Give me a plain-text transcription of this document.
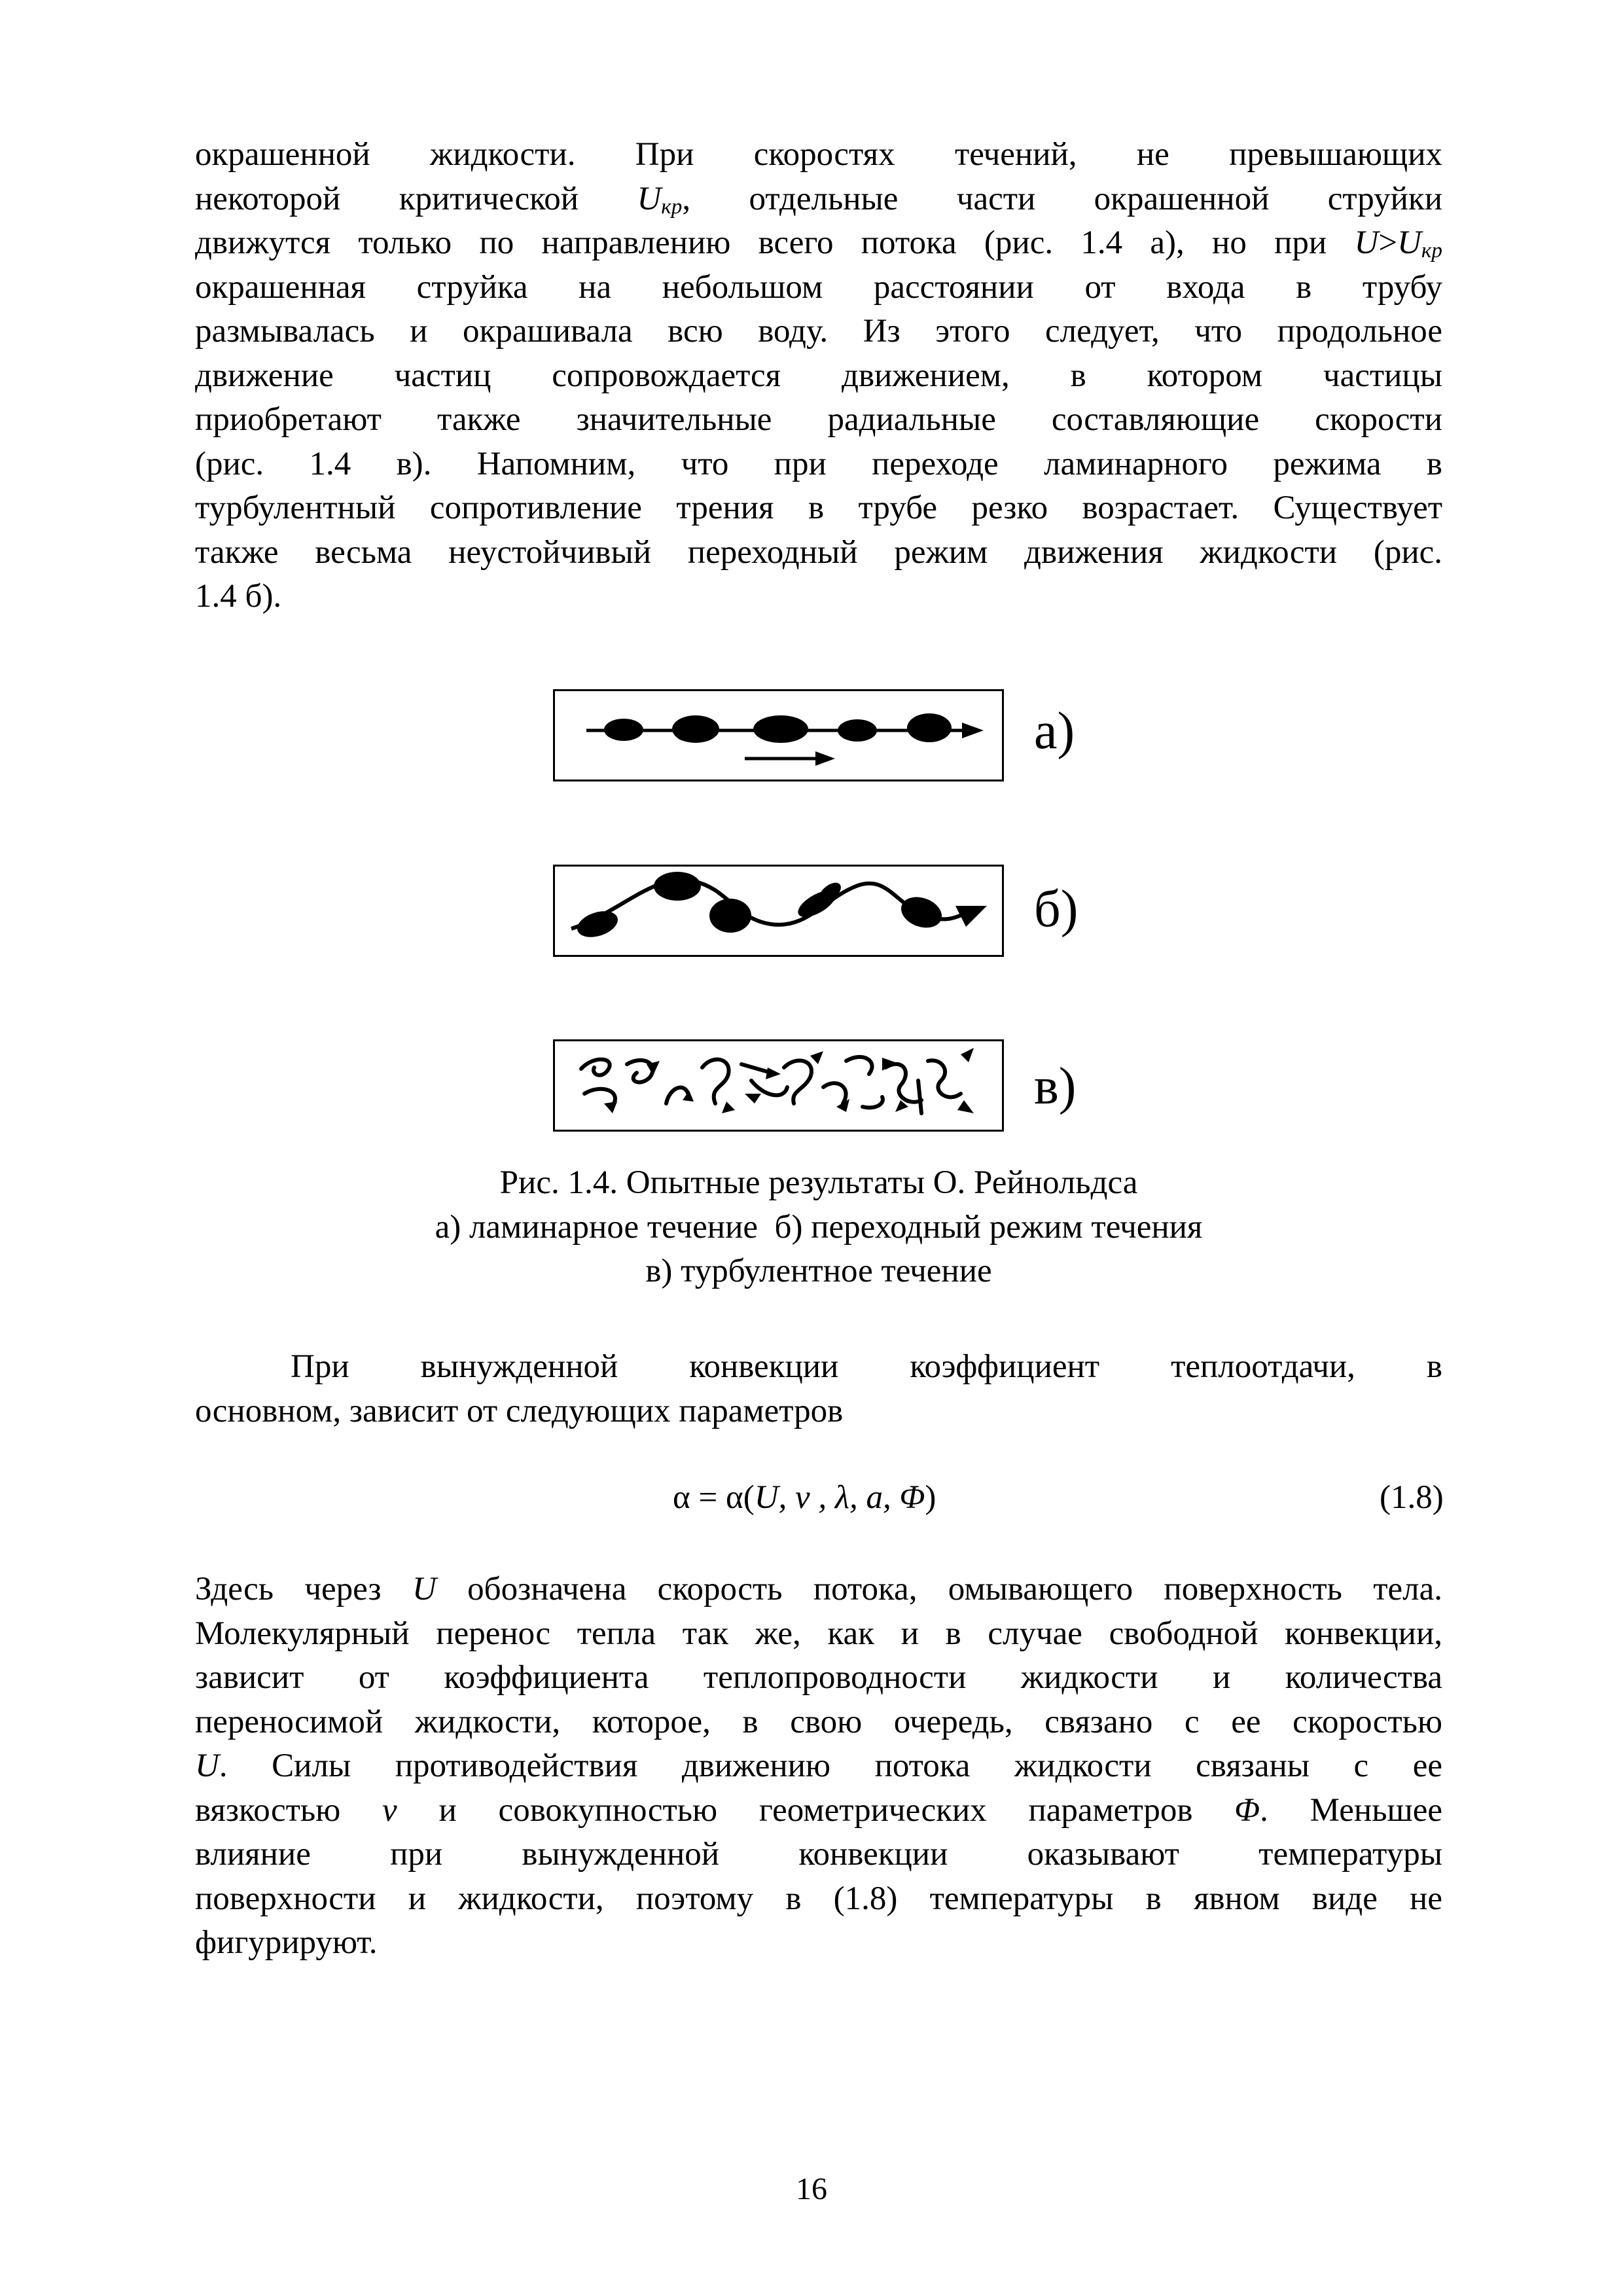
окрашенной жидкости. При скоростях течений, не превышающих
некоторой критической $U_{кр}$, отдельные части окрашенной струйки
движутся только по направлению всего потока (рис. 1.4 а), но при $U>U_{кр}$
окрашенная струйка на небольшом расстоянии от входа в трубу
размывалась и окрашивала всю воду. Из этого следует, что продольное
движение частиц сопровождается движением, в котором частицы
приобретают также значительные радиальные составляющие скорости
(рис. 1.4 в). Напомним, что при переходе ламинарного режима в
турбулентный сопротивление трения в трубе резко возрастает. Существует
также весьма неустойчивый переходный режим движения жидкости (рис.
1.4 б).
а)
б)
в)
Рис. 1.4. Опытные результаты О. Рейнольдса
а) ламинарное течение  б) переходный режим течения
в) турбулентное течение
При вынужденной конвекции коэффициент теплоотдачи, в
основном, зависит от следующих параметров
α = α(U, ν , λ, a, Φ)	(1.8)
Здесь через U обозначена скорость потока, омывающего поверхность тела.
Молекулярный перенос тепла так же, как и в случае свободной конвекции,
зависит от коэффициента теплопроводности жидкости и количества
переносимой жидкости, которое, в свою очередь, связано с ее скоростью
U. Силы противодействия движению потока жидкости связаны с ее
вязкостью ν и совокупностью геометрических параметров Φ. Меньшее
влияние при вынужденной конвекции оказывают температуры
поверхности и жидкости, поэтому в (1.8) температуры в явном виде не
фигурируют.
16
